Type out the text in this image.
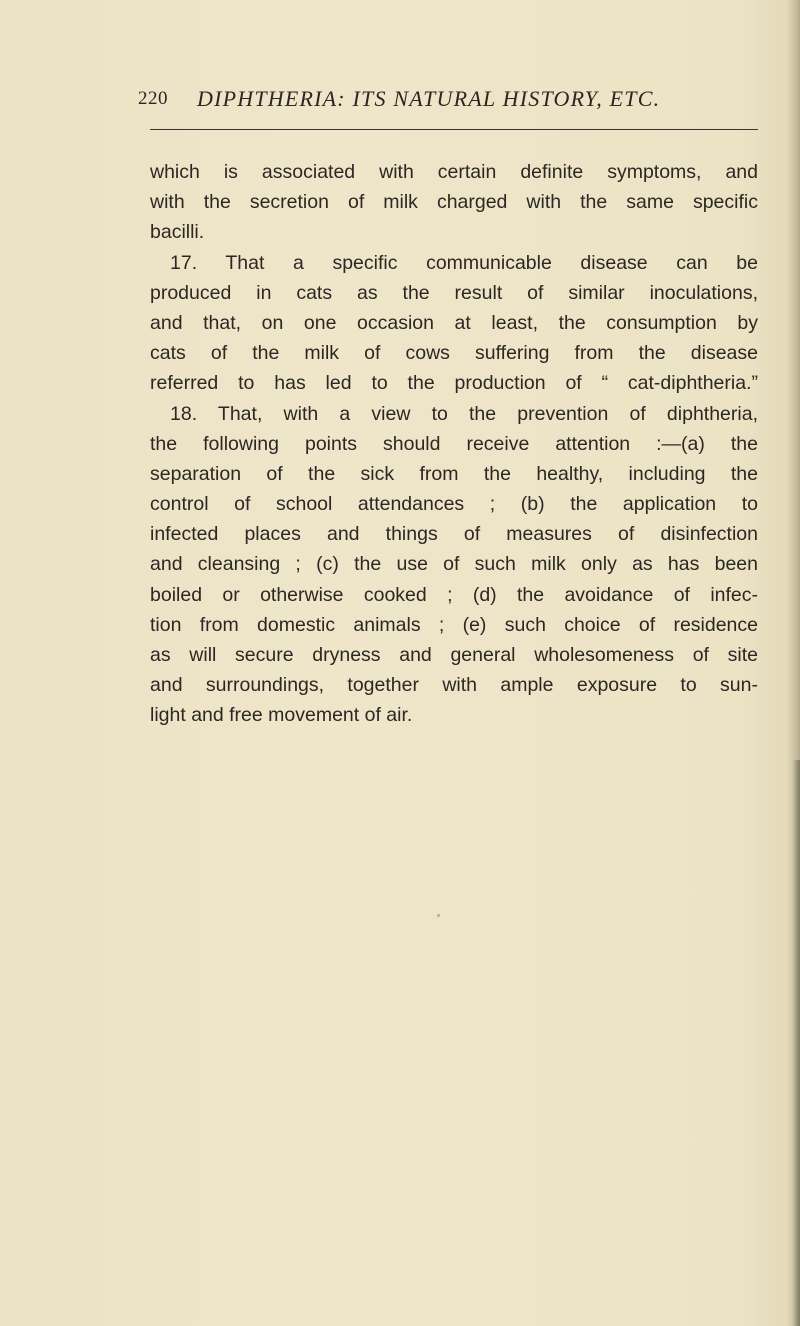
220 DIPHTHERIA: ITS NATURAL HISTORY, ETC.
which is associated with certain definite symptoms, and
with the secretion of milk charged with the same specific
bacilli.
17. That a specific communicable disease can be
produced in cats as the result of similar inoculations,
and that, on one occasion at least, the consumption by
cats of the milk of cows suffering from the disease
referred to has led to the production of “ cat-diphtheria.”
18. That, with a view to the prevention of diphtheria,
the following points should receive attention :—(a) the
separation of the sick from the healthy, including the
control of school attendances ; (b) the application to
infected places and things of measures of disinfection
and cleansing ; (c) the use of such milk only as has been
boiled or otherwise cooked ; (d) the avoidance of infec-
tion from domestic animals ; (e) such choice of residence
as will secure dryness and general wholesomeness of site
and surroundings, together with ample exposure to sun-
light and free movement of air.
